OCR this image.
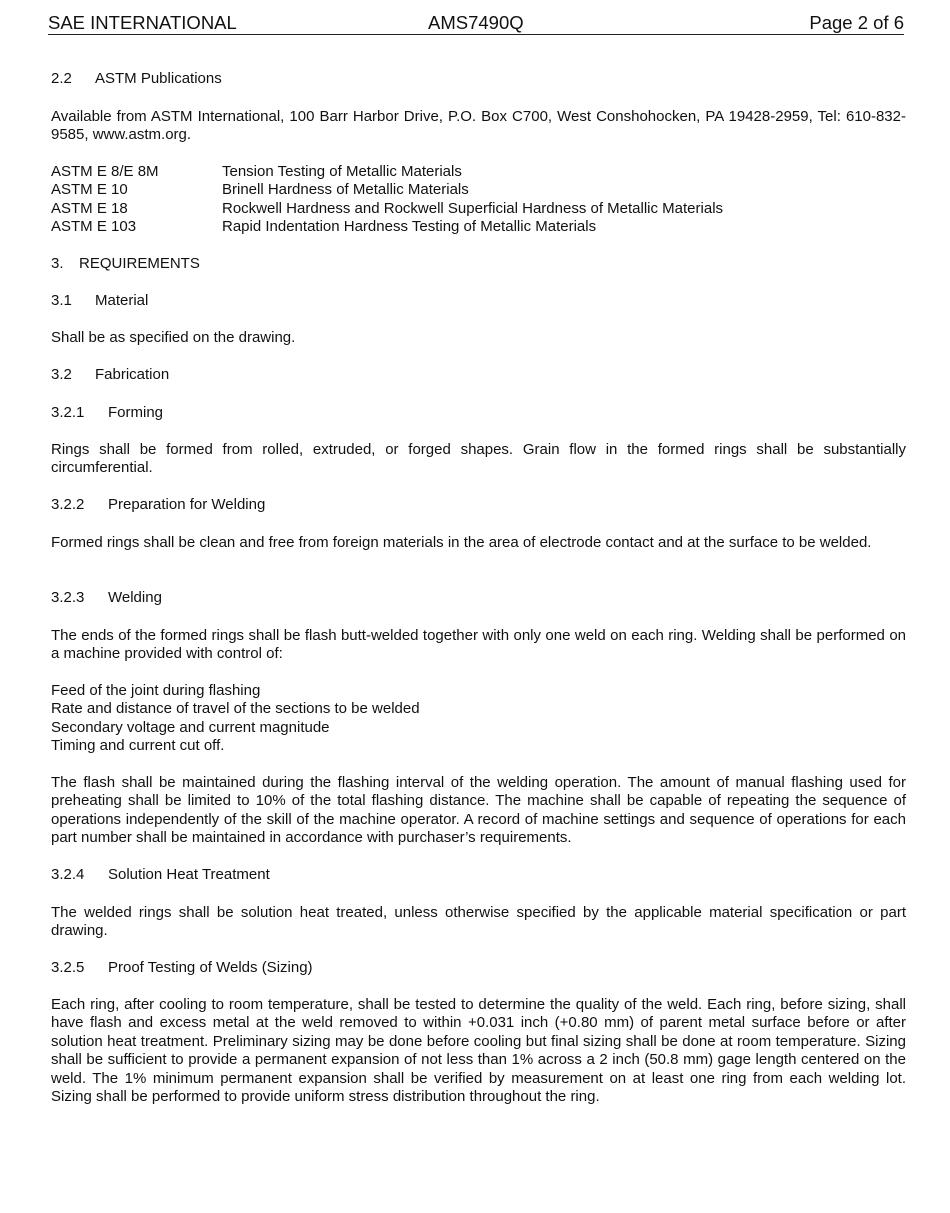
SAE INTERNATIONAL	AMS7490Q	Page 2 of 6
2.2 ASTM Publications
Available from ASTM International, 100 Barr Harbor Drive, P.O. Box C700, West Conshohocken, PA 19428-2959, Tel: 610-832-9585, www.astm.org.
ASTM E 8/E 8M	Tension Testing of Metallic Materials
ASTM E 10	Brinell Hardness of Metallic Materials
ASTM E 18	Rockwell Hardness and Rockwell Superficial Hardness of Metallic Materials
ASTM E 103	Rapid Indentation Hardness Testing of Metallic Materials
3. REQUIREMENTS
3.1 Material
Shall be as specified on the drawing.
3.2 Fabrication
3.2.1 Forming
Rings shall be formed from rolled, extruded, or forged shapes. Grain flow in the formed rings shall be substantially circumferential.
3.2.2 Preparation for Welding
Formed rings shall be clean and free from foreign materials in the area of electrode contact and at the surface to be welded.
3.2.3 Welding
The ends of the formed rings shall be flash butt-welded together with only one weld on each ring. Welding shall be performed on a machine provided with control of:
Feed of the joint during flashing
Rate and distance of travel of the sections to be welded
Secondary voltage and current magnitude
Timing and current cut off.
The flash shall be maintained during the flashing interval of the welding operation. The amount of manual flashing used for preheating shall be limited to 10% of the total flashing distance. The machine shall be capable of repeating the sequence of operations independently of the skill of the machine operator. A record of machine settings and sequence of operations for each part number shall be maintained in accordance with purchaser’s requirements.
3.2.4 Solution Heat Treatment
The welded rings shall be solution heat treated, unless otherwise specified by the applicable material specification or part drawing.
3.2.5 Proof Testing of Welds (Sizing)
Each ring, after cooling to room temperature, shall be tested to determine the quality of the weld. Each ring, before sizing, shall have flash and excess metal at the weld removed to within +0.031 inch (+0.80 mm) of parent metal surface before or after solution heat treatment. Preliminary sizing may be done before cooling but final sizing shall be done at room temperature. Sizing shall be sufficient to provide a permanent expansion of not less than 1% across a 2 inch (50.8 mm) gage length centered on the weld. The 1% minimum permanent expansion shall be verified by measurement on at least one ring from each welding lot. Sizing shall be performed to provide uniform stress distribution throughout the ring.
